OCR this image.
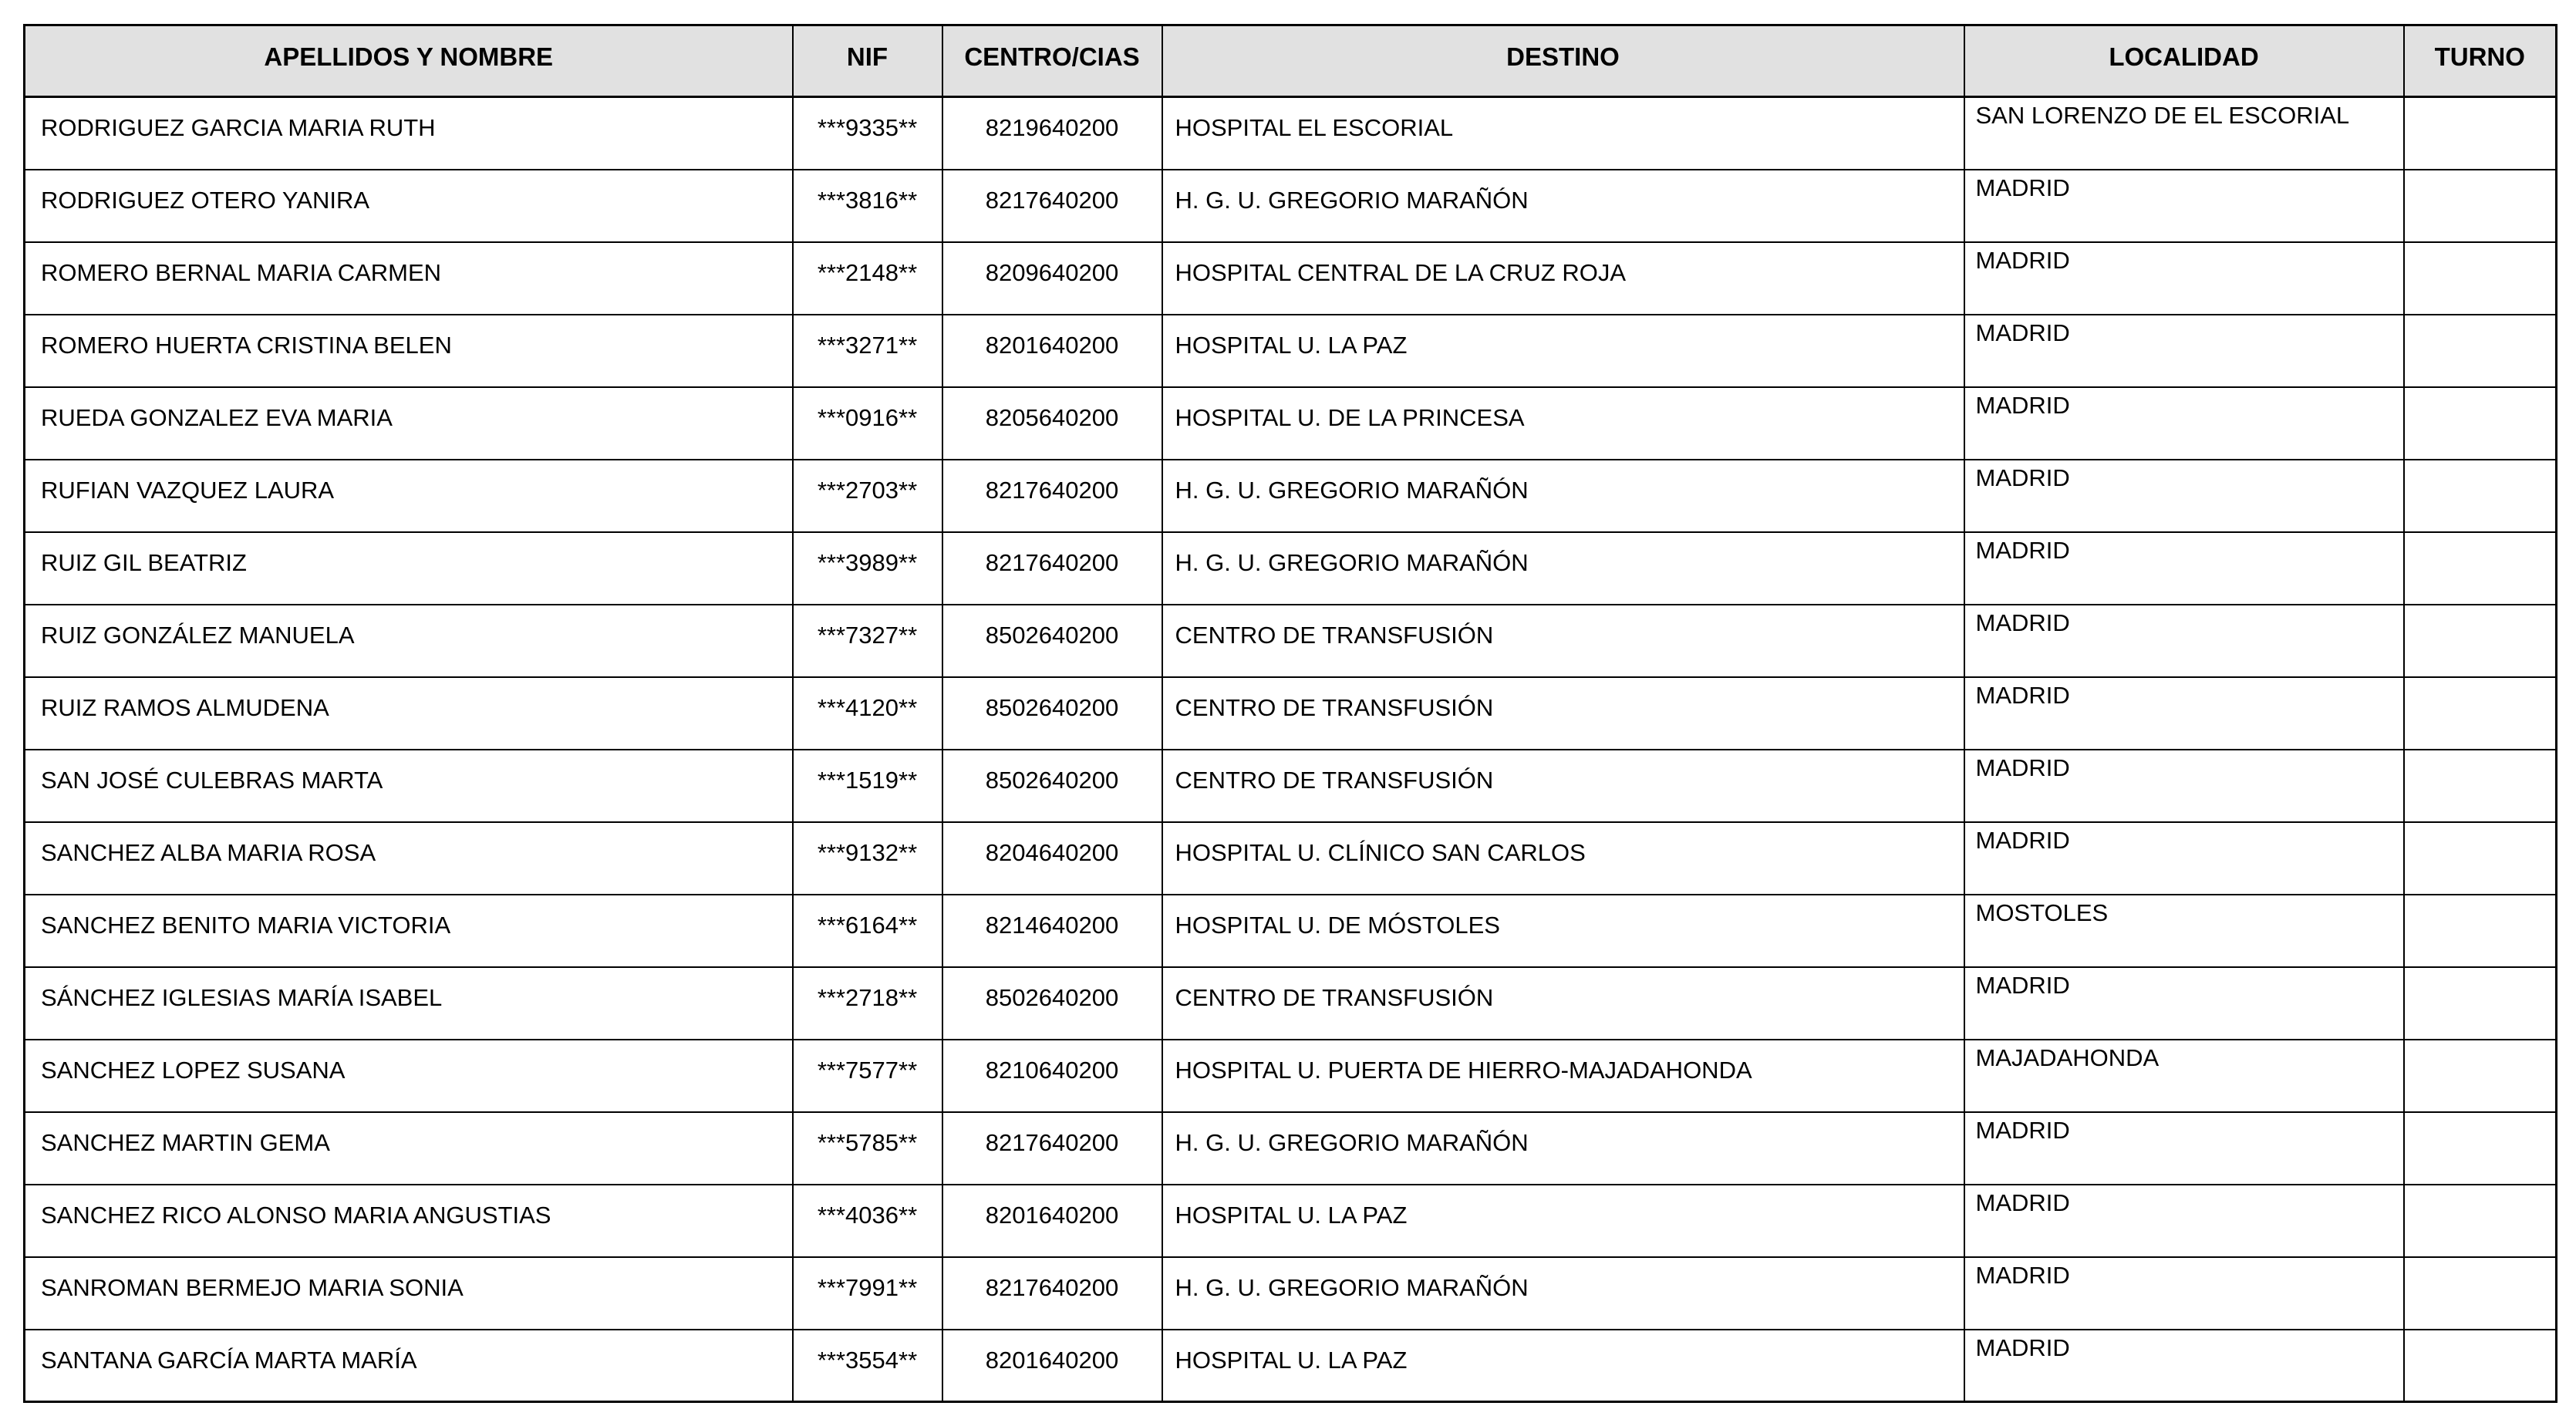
APELLIDOS Y NOMBRE	NIF	CENTRO/CIAS	DESTINO	LOCALIDAD	TURNO
RODRIGUEZ GARCIA MARIA RUTH	***9335**	8219640200	HOSPITAL EL ESCORIAL	SAN LORENZO DE EL ESCORIAL	
RODRIGUEZ OTERO YANIRA	***3816**	8217640200	H. G. U. GREGORIO MARAÑÓN	MADRID	
ROMERO BERNAL MARIA CARMEN	***2148**	8209640200	HOSPITAL CENTRAL DE LA CRUZ ROJA	MADRID	
ROMERO HUERTA CRISTINA BELEN	***3271**	8201640200	HOSPITAL U. LA PAZ	MADRID	
RUEDA GONZALEZ EVA MARIA	***0916**	8205640200	HOSPITAL U. DE LA PRINCESA	MADRID	
RUFIAN VAZQUEZ LAURA	***2703**	8217640200	H. G. U. GREGORIO MARAÑÓN	MADRID	
RUIZ GIL BEATRIZ	***3989**	8217640200	H. G. U. GREGORIO MARAÑÓN	MADRID	
RUIZ GONZÁLEZ MANUELA	***7327**	8502640200	CENTRO DE TRANSFUSIÓN	MADRID	
RUIZ RAMOS ALMUDENA	***4120**	8502640200	CENTRO DE TRANSFUSIÓN	MADRID	
SAN JOSÉ CULEBRAS MARTA	***1519**	8502640200	CENTRO DE TRANSFUSIÓN	MADRID	
SANCHEZ ALBA MARIA ROSA	***9132**	8204640200	HOSPITAL U. CLÍNICO SAN CARLOS	MADRID	
SANCHEZ BENITO MARIA VICTORIA	***6164**	8214640200	HOSPITAL U. DE MÓSTOLES	MOSTOLES	
SÁNCHEZ IGLESIAS MARÍA ISABEL	***2718**	8502640200	CENTRO DE TRANSFUSIÓN	MADRID	
SANCHEZ LOPEZ SUSANA	***7577**	8210640200	HOSPITAL U. PUERTA DE HIERRO-MAJADAHONDA	MAJADAHONDA	
SANCHEZ MARTIN GEMA	***5785**	8217640200	H. G. U. GREGORIO MARAÑÓN	MADRID	
SANCHEZ RICO ALONSO MARIA ANGUSTIAS	***4036**	8201640200	HOSPITAL U. LA PAZ	MADRID	
SANROMAN BERMEJO MARIA SONIA	***7991**	8217640200	H. G. U. GREGORIO MARAÑÓN	MADRID	
SANTANA GARCÍA MARTA MARÍA	***3554**	8201640200	HOSPITAL U. LA PAZ	MADRID	
